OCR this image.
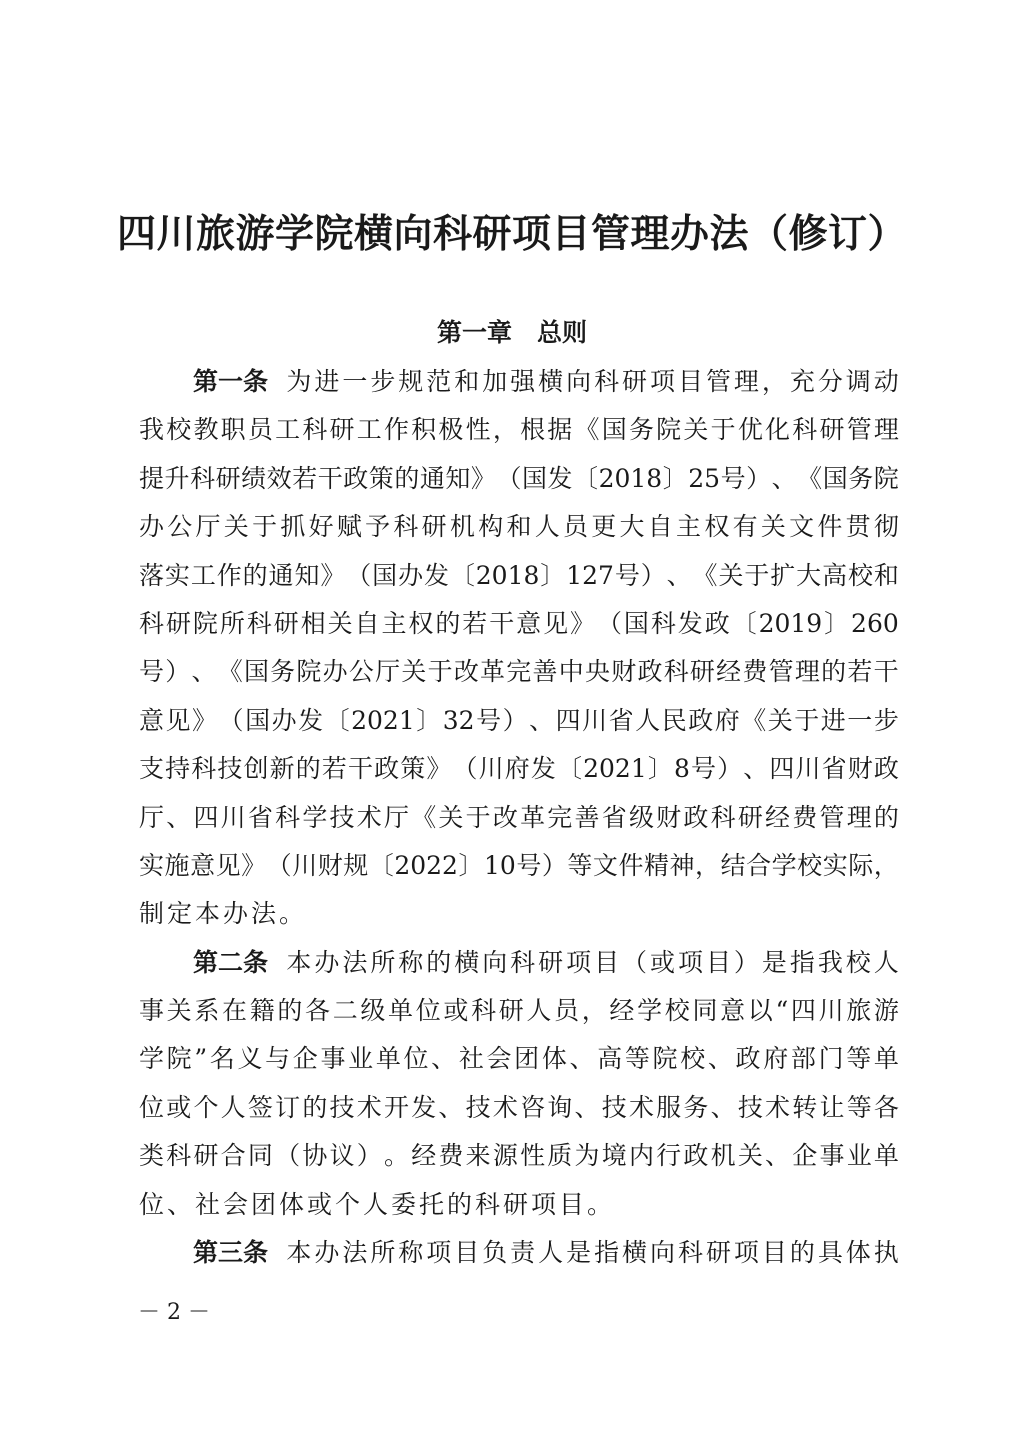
四川旅游学院横向科研项目管理办法（修订）
第一章　总则
第一条
  为 进 一 步 规 范 和 加 强 横 向 科 研 项 目 管 理 ， 充 分 调 动
我 校 教 职 员 工 科 研 工 作 积 极 性 ， 根 据 《 国 务 院 关 于 优 化 科 研 管 理
提 升 科 研 绩 效 若 干 政 策 的 通 知 》 （ 国 发 〔 2018 〕 25 号 ） 、 《 国 务 院
办 公 厅 关 于 抓 好 赋 予 科 研 机 构 和 人 员 更 大 自 主 权 有 关 文 件 贯 彻
落 实 工 作 的 通 知 》 （ 国 办 发 〔 2018 〕 127 号 ） 、 《 关 于 扩 大 高 校 和
科 研 院 所 科 研 相 关 自 主 权 的 若 干 意 见 》 （ 国 科 发 政 〔 2019 〕 260
号 ） 、 《 国 务 院 办 公 厅 关 于 改 革 完 善 中 央 财 政 科 研 经 费 管 理 的 若 干
意 见 》 （ 国 办 发 〔 2021 〕 32 号 ） 、 四 川 省 人 民 政 府 《 关 于 进 一 步
支 持 科 技 创 新 的 若 干 政 策 》 （ 川 府 发 〔 2021 〕 8 号 ） 、 四 川 省 财 政
厅 、 四 川 省 科 学 技 术 厅 《 关 于 改 革 完 善 省 级 财 政 科 研 经 费 管 理 的
实 施 意 见 》 （ 川 财 规 〔 2022 〕 10 号 ） 等 文 件 精 神 ， 结 合 学 校 实 际 ，
制定本办法。
第二条
  本 办 法 所 称 的 横 向 科 研 项 目 （ 或 项 目 ） 是 指 我 校 人
事 关 系 在 籍 的 各 二 级 单 位 或 科 研 人 员 ， 经 学 校 同 意 以 “ 四 川 旅 游
学 院 ” 名 义 与 企 事 业 单 位 、 社 会 团 体 、 高 等 院 校 、 政 府 部 门 等 单
位 或 个 人 签 订 的 技 术 开 发 、 技 术 咨 询 、 技 术 服 务 、 技 术 转 让 等 各
类 科 研 合 同 （ 协 议 ） 。 经 费 来 源 性 质 为 境 内 行 政 机 关 、 企 事 业 单
位、社会团体或个人委托的科研项目。
第三条
  本 办 法 所 称 项 目 负 责 人 是 指 横 向 科 研 项 目 的 具 体 执
－ 2 －
